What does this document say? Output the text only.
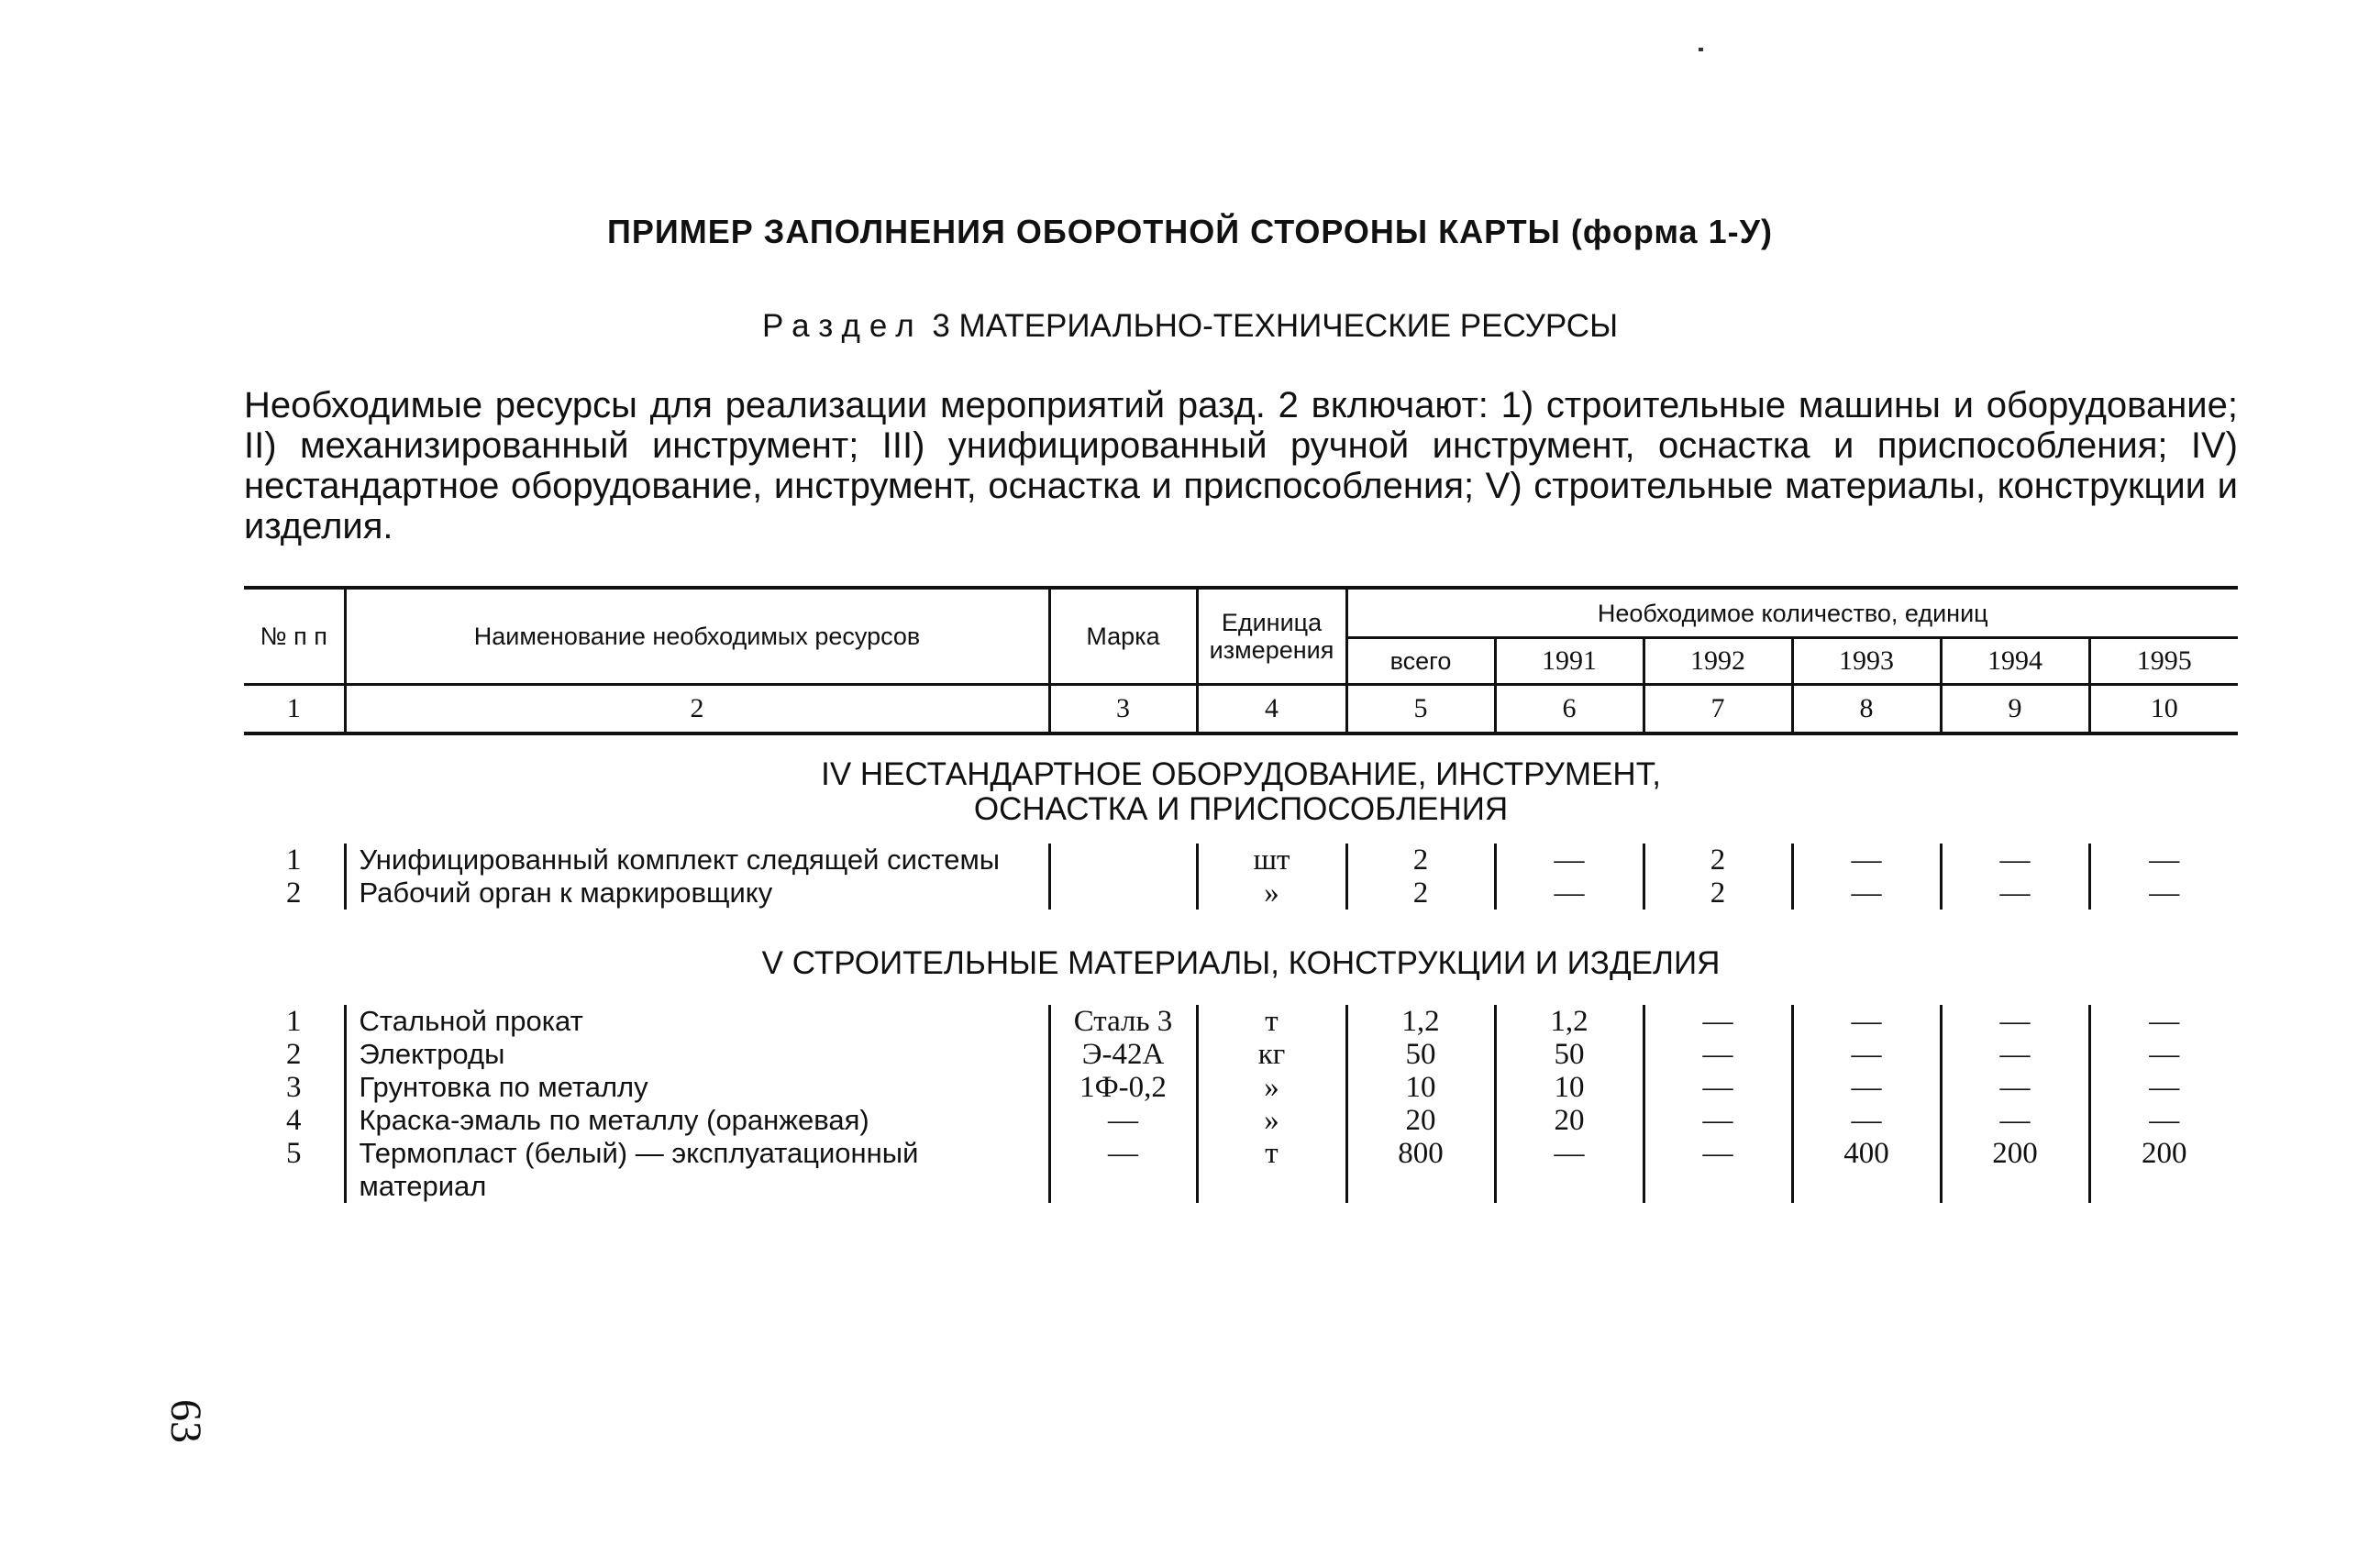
ПРИМЕР ЗАПОЛНЕНИЯ ОБОРОТНОЙ СТОРОНЫ КАРТЫ (форма 1-У)
Раздел 3 МАТЕРИАЛЬНО-ТЕХНИЧЕСКИЕ РЕСУРСЫ
Необходимые ресурсы для реализации мероприятий разд. 2 включают: 1) строительные машины и оборудование; II) механизированный инструмент; III) унифицированный ручной инструмент, оснастка и приспособления; IV) нестандартное оборудование, инструмент, оснастка и приспособления; V) строительные материалы, конструкции и изделия.
№ п п	Наименование необходимых ресурсов	Марка	Единица измерения	Необходимое количество, единиц					
				всего	1991	1992	1993	1994	1995
1	2	3	4	5	6	7	8	9	10
IV НЕСТАНДАРТНОЕ ОБОРУДОВАНИЕ, ИНСТРУМЕНТ, ОСНАСТКА И ПРИСПОСОБЛЕНИЯ									
1	Унифицированный комплект следящей системы		шт	2	—	2	—	—	—
2	Рабочий орган к маркировщику		»	2	—	2	—	—	—
V СТРОИТЕЛЬНЫЕ МАТЕРИАЛЫ, КОНСТРУКЦИИ И ИЗДЕЛИЯ									
1	Стальной прокат	Сталь 3	т	1,2	1,2	—	—	—	—
2	Электроды	Э-42А	кг	50	50	—	—	—	—
3	Грунтовка по металлу	1Ф-0,2	»	10	10	—	—	—	—
4	Краска-эмаль по металлу (оранжевая)	—	»	20	20	—	—	—	—
5	Термопласт (белый) — эксплуатационный материал	—	т	800	—	—	400	200	200
63
